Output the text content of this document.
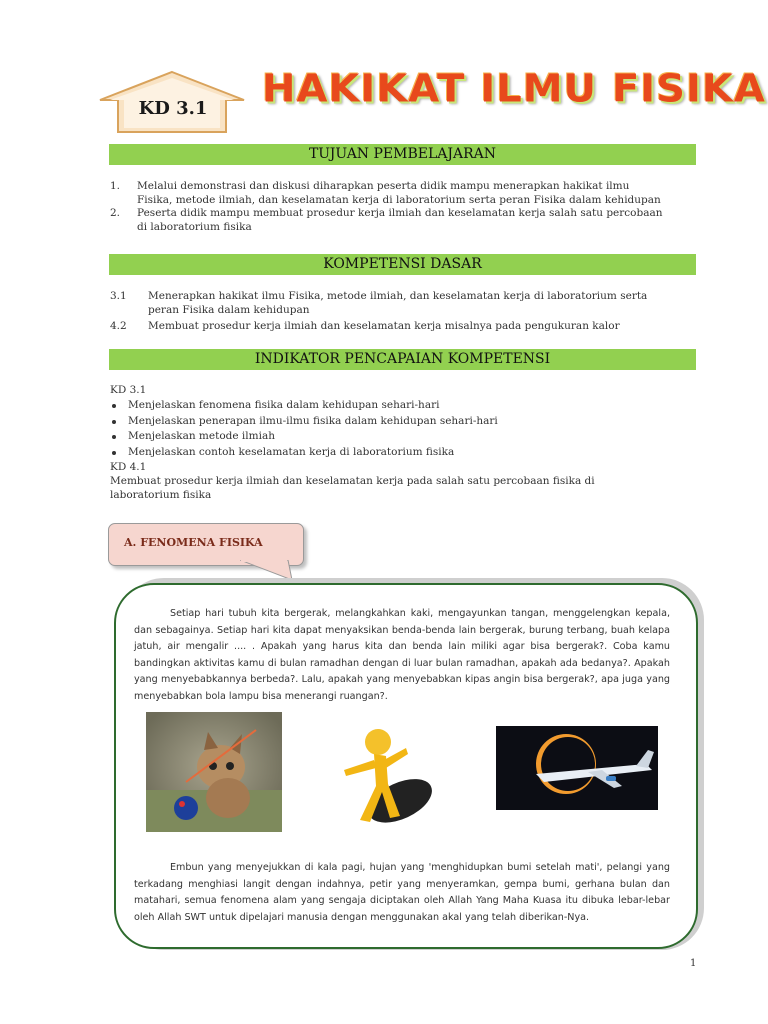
KD 3.1 HAKIKAT ILMU FISIKA
TUJUAN PEMBELAJARAN
1. Melalui demonstrasi dan diskusi diharapkan peserta didik mampu menerapkan hakikat ilmu
Fisika, metode ilmiah, dan keselamatan kerja di laboratorium serta peran Fisika dalam kehidupan
2. Peserta didik mampu membuat prosedur kerja ilmiah dan keselamatan kerja salah satu percobaan
di laboratorium fisika
KOMPETENSI DASAR
3.1 Menerapkan hakikat ilmu Fisika, metode ilmiah, dan keselamatan kerja di laboratorium serta
peran Fisika dalam kehidupan
4.2 Membuat prosedur kerja ilmiah dan keselamatan kerja misalnya pada pengukuran kalor
INDIKATOR PENCAPAIAN KOMPETENSI
KD 3.1
Menjelaskan fenomena fisika dalam kehidupan sehari-hari
Menjelaskan penerapan ilmu-ilmu fisika dalam kehidupan sehari-hari
Menjelaskan metode ilmiah
Menjelaskan contoh keselamatan kerja di laboratorium fisika
KD 4.1
Membuat prosedur kerja ilmiah dan keselamatan kerja pada salah satu percobaan fisika di
laboratorium fisika
A. FENOMENA FISIKA
Setiap hari tubuh kita bergerak, melangkahkan kaki, mengayunkan tangan, menggelengkan kepala, dan sebagainya. Setiap hari kita dapat menyaksikan benda-benda lain bergerak, burung terbang, buah kelapa jatuh, air mengalir .... . Apakah yang harus kita dan benda lain miliki agar bisa bergerak?. Coba kamu bandingkan aktivitas kamu di bulan ramadhan dengan di luar bulan ramadhan, apakah ada bedanya?. Apakah yang menyebabkannya berbeda?. Lalu, apakah yang menyebabkan kipas angin bisa bergerak?, apa juga yang menyebabkan bola lampu bisa menerangi ruangan?.
Embun yang menyejukkan di kala pagi, hujan yang 'menghidupkan bumi setelah mati', pelangi yang terkadang menghiasi langit dengan indahnya, petir yang menyeramkan, gempa bumi, gerhana bulan dan matahari, semua fenomena alam yang sengaja diciptakan oleh Allah Yang Maha Kuasa itu dibuka lebar-lebar oleh Allah SWT untuk dipelajari manusia dengan menggunakan akal yang telah diberikan-Nya.
1
